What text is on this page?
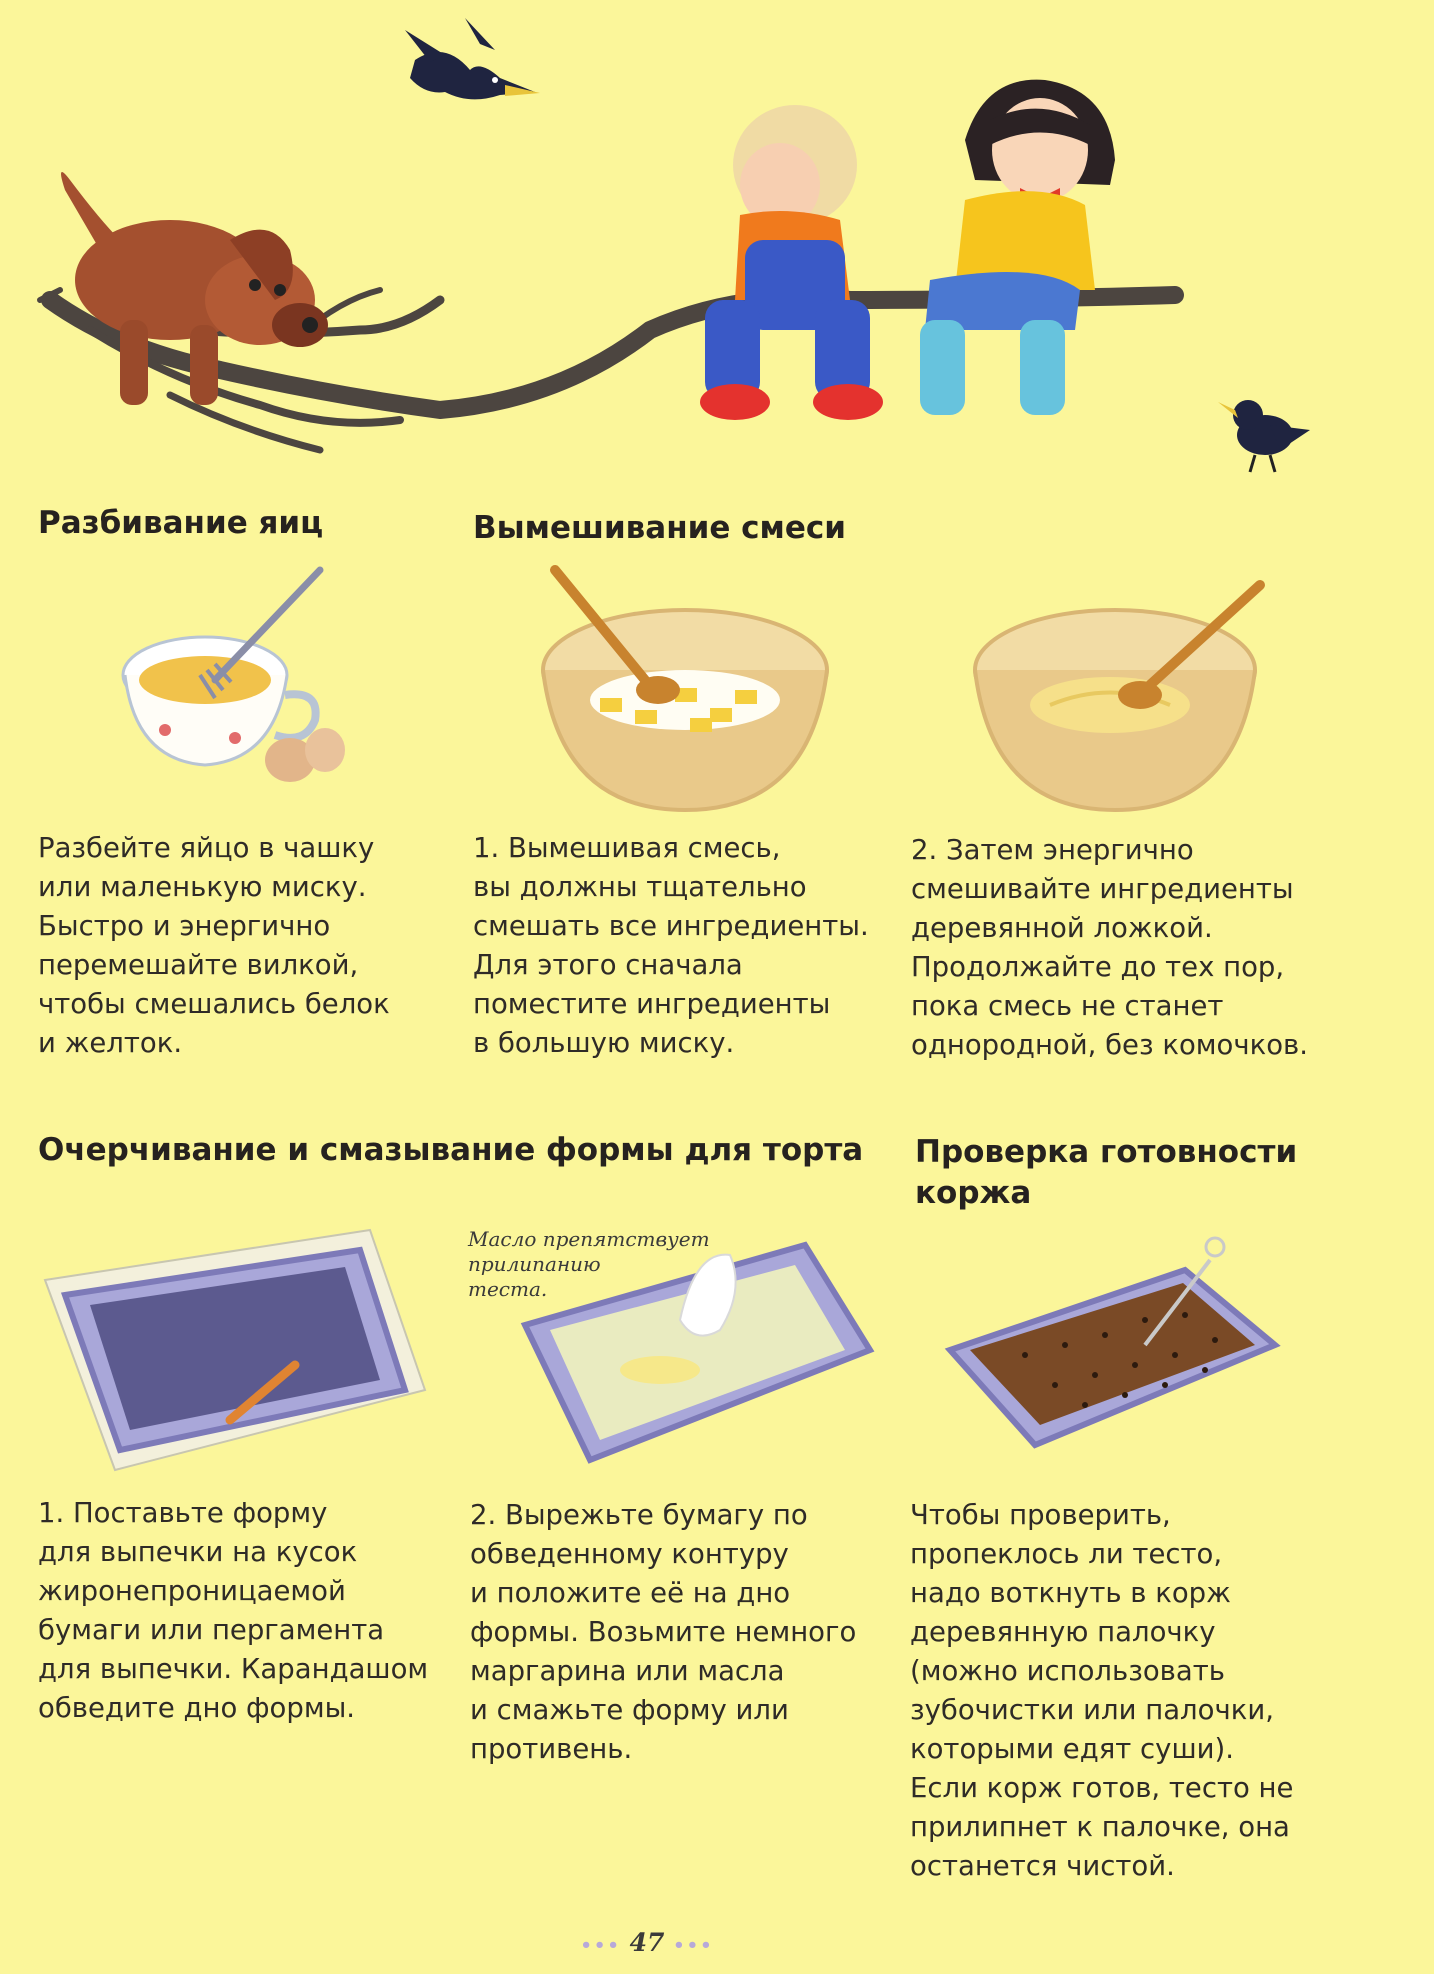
Разбивание яиц

Разбейте яйцо в чашку
или маленькую миску.
Быстро и энергично
перемешайте вилкой,
чтобы смешались белок
и желток.

Вымешивание смеси

1. Вымешивая смесь,
вы должны тщательно
смешать все ингредиенты.
Для этого сначала
поместите ингредиенты
в большую миску.

2. Затем энергично
смешивайте ингредиенты
деревянной ложкой.
Продолжайте до тех пор,
пока смесь не станет
однородной, без комочков.

Очерчивание и смазывание формы для торта

Масло препятствует
прилипанию
теста.

1. Поставьте форму
для выпечки на кусок
жиронепроницаемой
бумаги или пергамента
для выпечки. Карандашом
обведите дно формы.

2. Вырежьте бумагу по
обведенному контуру
и положите её на дно
формы. Возьмите немного
маргарина или масла
и смажьте форму или
противень.

Проверка готовности
коржа

Чтобы проверить,
пропеклось ли тесто,
надо воткнуть в корж
деревянную палочку
(можно использовать
зубочистки или палочки,
которыми едят суши).
Если корж готов, тесто не
прилипнет к палочке, она
останется чистой.

••• 47 •••
